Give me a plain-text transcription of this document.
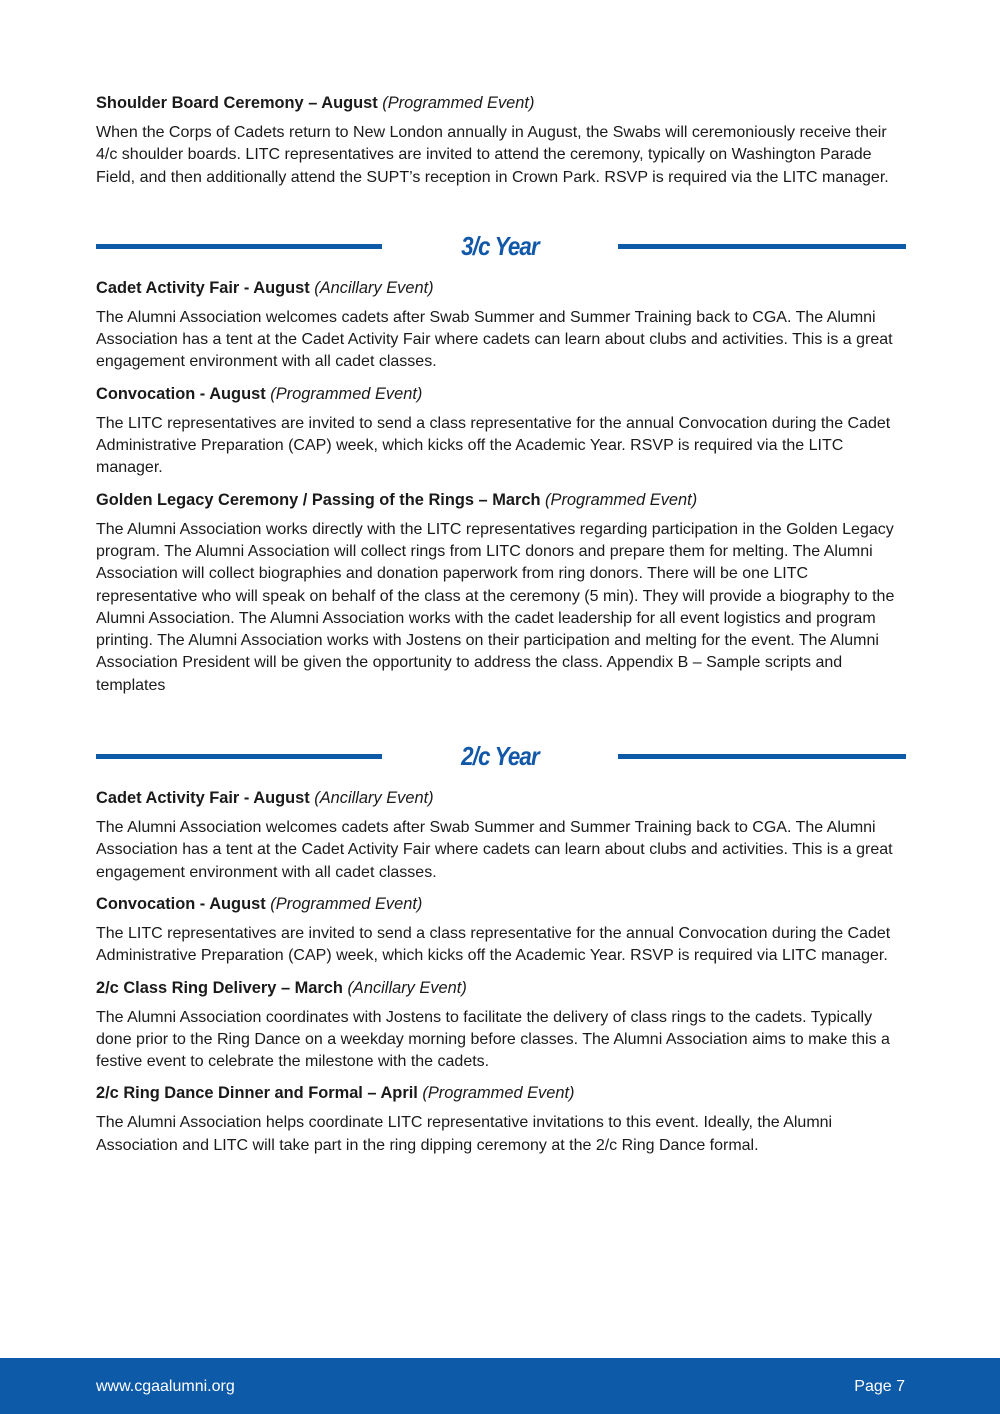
Shoulder Board Ceremony – August (Programmed Event)

When the Corps of Cadets return to New London annually in August, the Swabs will ceremoniously receive their 4/c shoulder boards. LITC representatives are invited to attend the ceremony, typically on Washington Parade Field, and then additionally attend the SUPT’s reception in Crown Park. RSVP is required via the LITC manager.

3/c Year

Cadet Activity Fair - August (Ancillary Event)

The Alumni Association welcomes cadets after Swab Summer and Summer Training back to CGA. The Alumni Association has a tent at the Cadet Activity Fair where cadets can learn about clubs and activities. This is a great engagement environment with all cadet classes.

Convocation - August (Programmed Event)

The LITC representatives are invited to send a class representative for the annual Convocation during the Cadet Administrative Preparation (CAP) week, which kicks off the Academic Year. RSVP is required via the LITC manager.

Golden Legacy Ceremony / Passing of the Rings – March (Programmed Event)

The Alumni Association works directly with the LITC representatives regarding participation in the Golden Legacy program. The Alumni Association will collect rings from LITC donors and prepare them for melting. The Alumni Association will collect biographies and donation paperwork from ring donors. There will be one LITC representative who will speak on behalf of the class at the ceremony (5 min). They will provide a biography to the Alumni Association. The Alumni Association works with the cadet leadership for all event logistics and program printing. The Alumni Association works with Jostens on their participation and melting for the event. The Alumni Association President will be given the opportunity to address the class. Appendix B – Sample scripts and templates

2/c Year

Cadet Activity Fair - August (Ancillary Event)

The Alumni Association welcomes cadets after Swab Summer and Summer Training back to CGA. The Alumni Association has a tent at the Cadet Activity Fair where cadets can learn about clubs and activities. This is a great engagement environment with all cadet classes.

Convocation - August (Programmed Event)

The LITC representatives are invited to send a class representative for the annual Convocation during the Cadet Administrative Preparation (CAP) week, which kicks off the Academic Year. RSVP is required via LITC manager.

2/c Class Ring Delivery – March (Ancillary Event)

The Alumni Association coordinates with Jostens to facilitate the delivery of class rings to the cadets. Typically done prior to the Ring Dance on a weekday morning before classes. The Alumni Association aims to make this a festive event to celebrate the milestone with the cadets.

2/c Ring Dance Dinner and Formal – April (Programmed Event)

The Alumni Association helps coordinate LITC representative invitations to this event. Ideally, the Alumni Association and LITC will take part in the ring dipping ceremony at the 2/c Ring Dance formal.

www.cgaalumni.org	Page 7
